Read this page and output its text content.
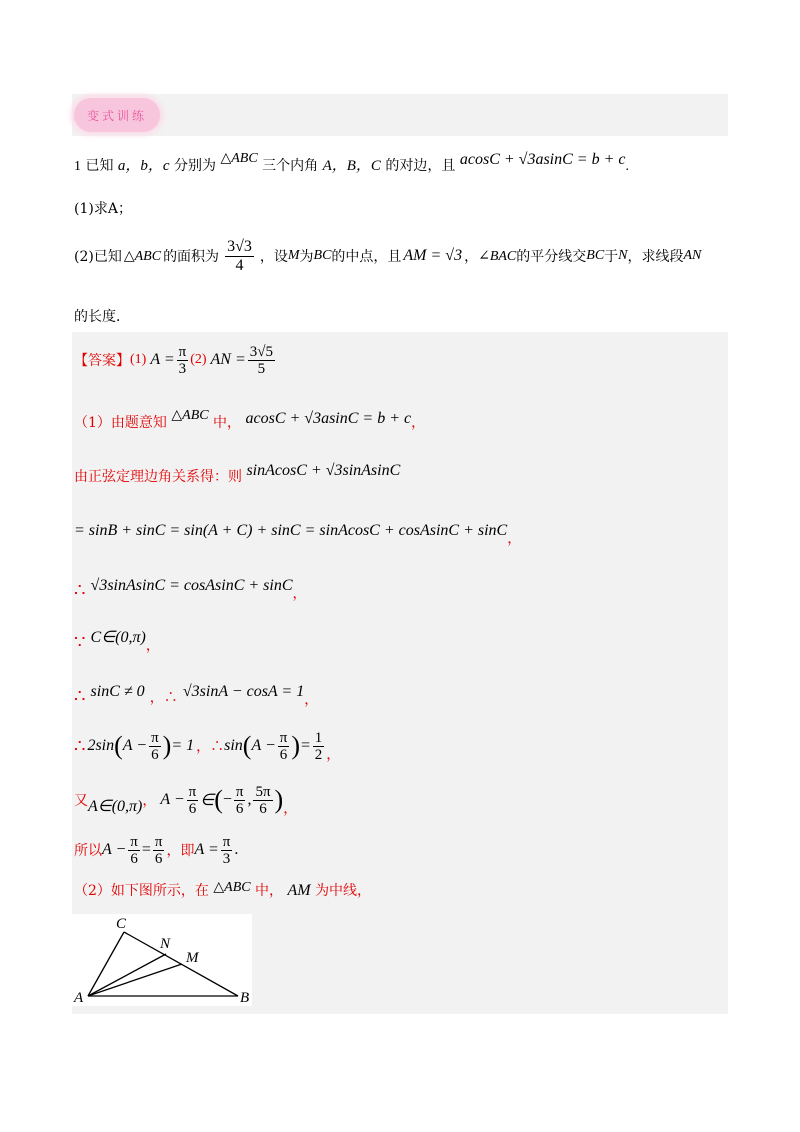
变式训练
1 已知 a，b，c 分别为 △ABC 三个内角 A，B，C 的对边，且 acosC + √3asinC = b + c.
(1)求A；
(2)已知 △ABC 的面积为 $\frac{3√3}{4}$ ，设 M 为 BC 的中点，且 AM = √3 ， ∠BAC 的平分线交 BC 于 N ，求线段 AN
的长度．
【答案】 (1) $A = \frac{\pi}{3} (2)$ AN = $\frac{3√5}{5}$
（1）由题意知 △ABC 中， acosC + √3asinC = b + c，
由正弦定理边角关系得：则 sinAcosC + √3sinAsinC
= sinB + sinC = sin(A + C) + sinC = sinAcosC + cosAsinC + sinC，
∴ √3sinAsinC = cosAsinC + sinC，
∵ C∈(0,π)，
∴ sinC ≠ 0 ，∴ √3sinA − cosA = 1，
∴ 2sin ( $A - \frac{\pi}{6}$ ) = 1 ，∴ sin ( $A - \frac{\pi}{6}$ ) = $\frac{1}{2}$ ，
又 A∈(0,π) ， $A - \frac{\pi}{6}$ ∈ ( − $\frac{\pi}{6}$ , $\frac{5\pi}{6}$ ) ，
所以 $A - \frac{\pi}{6} = \frac{\pi}{6}$ ，即 $A = \frac{\pi}{3}$ .
（2）如下图所示，在 △ABC 中， AM 为中线，
C
N
M
A	B
